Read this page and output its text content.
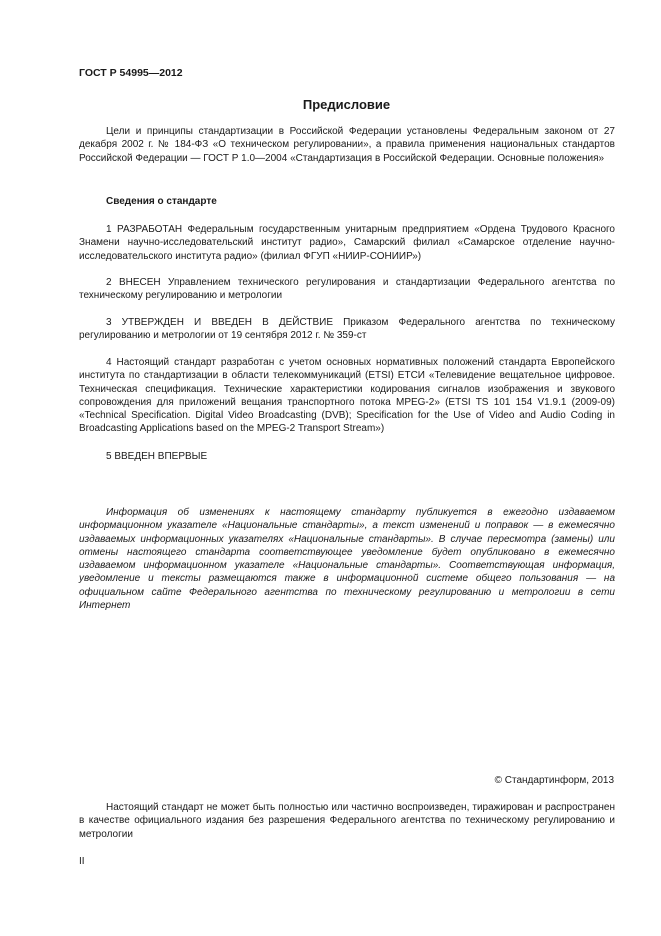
ГОСТ Р 54995—2012
Предисловие

Цели и принципы стандартизации в Российской Федерации установлены Федеральным законом от 27 декабря 2002 г. № 184-ФЗ «О техническом регулировании», а правила применения национальных стандартов Российской Федерации — ГОСТ Р 1.0—2004 «Стандартизация в Российской Федерации. Основные положения»

Сведения о стандарте

1 РАЗРАБОТАН Федеральным государственным унитарным предприятием «Ордена Трудового Красного Знамени научно-исследовательский институт радио», Самарский филиал «Самарское отделение научно-исследовательского института радио» (филиал ФГУП «НИИР-СОНИИР»)

2 ВНЕСЕН Управлением технического регулирования и стандартизации Федерального агентства по техническому регулированию и метрологии

3 УТВЕРЖДЕН И ВВЕДЕН В ДЕЙСТВИЕ Приказом Федерального агентства по техническому регулированию и метрологии от 19 сентября 2012 г. № 359-ст

4 Настоящий стандарт разработан с учетом основных нормативных положений стандарта Европейского института по стандартизации в области телекоммуникаций (ETSI) ЕТСИ «Телевидение вещательное цифровое. Техническая спецификация. Технические характеристики кодирования сигналов изображения и звукового сопровождения для приложений вещания транспортного потока MPEG-2» (ETSI TS 101 154 V1.9.1 (2009-09) «Technical Specification. Digital Video Broadcasting (DVB); Specification for the Use of Video and Audio Coding in Broadcasting Applications based on the MPEG-2 Transport Stream»)

5 ВВЕДЕН ВПЕРВЫЕ

Информация об изменениях к настоящему стандарту публикуется в ежегодно издаваемом информационном указателе «Национальные стандарты», а текст изменений и поправок — в ежемесячно издаваемых информационных указателях «Национальные стандарты». В случае пересмотра (замены) или отмены настоящего стандарта соответствующее уведомление будет опубликовано в ежемесячно издаваемом информационном указателе «Национальные стандарты». Соответствующая информация, уведомление и тексты размещаются также в информационной системе общего пользования — на официальном сайте Федерального агентства по техническому регулированию и метрологии в сети Интернет

© Стандартинформ, 2013

Настоящий стандарт не может быть полностью или частично воспроизведен, тиражирован и распространен в качестве официального издания без разрешения Федерального агентства по техническому регулированию и метрологии

II
